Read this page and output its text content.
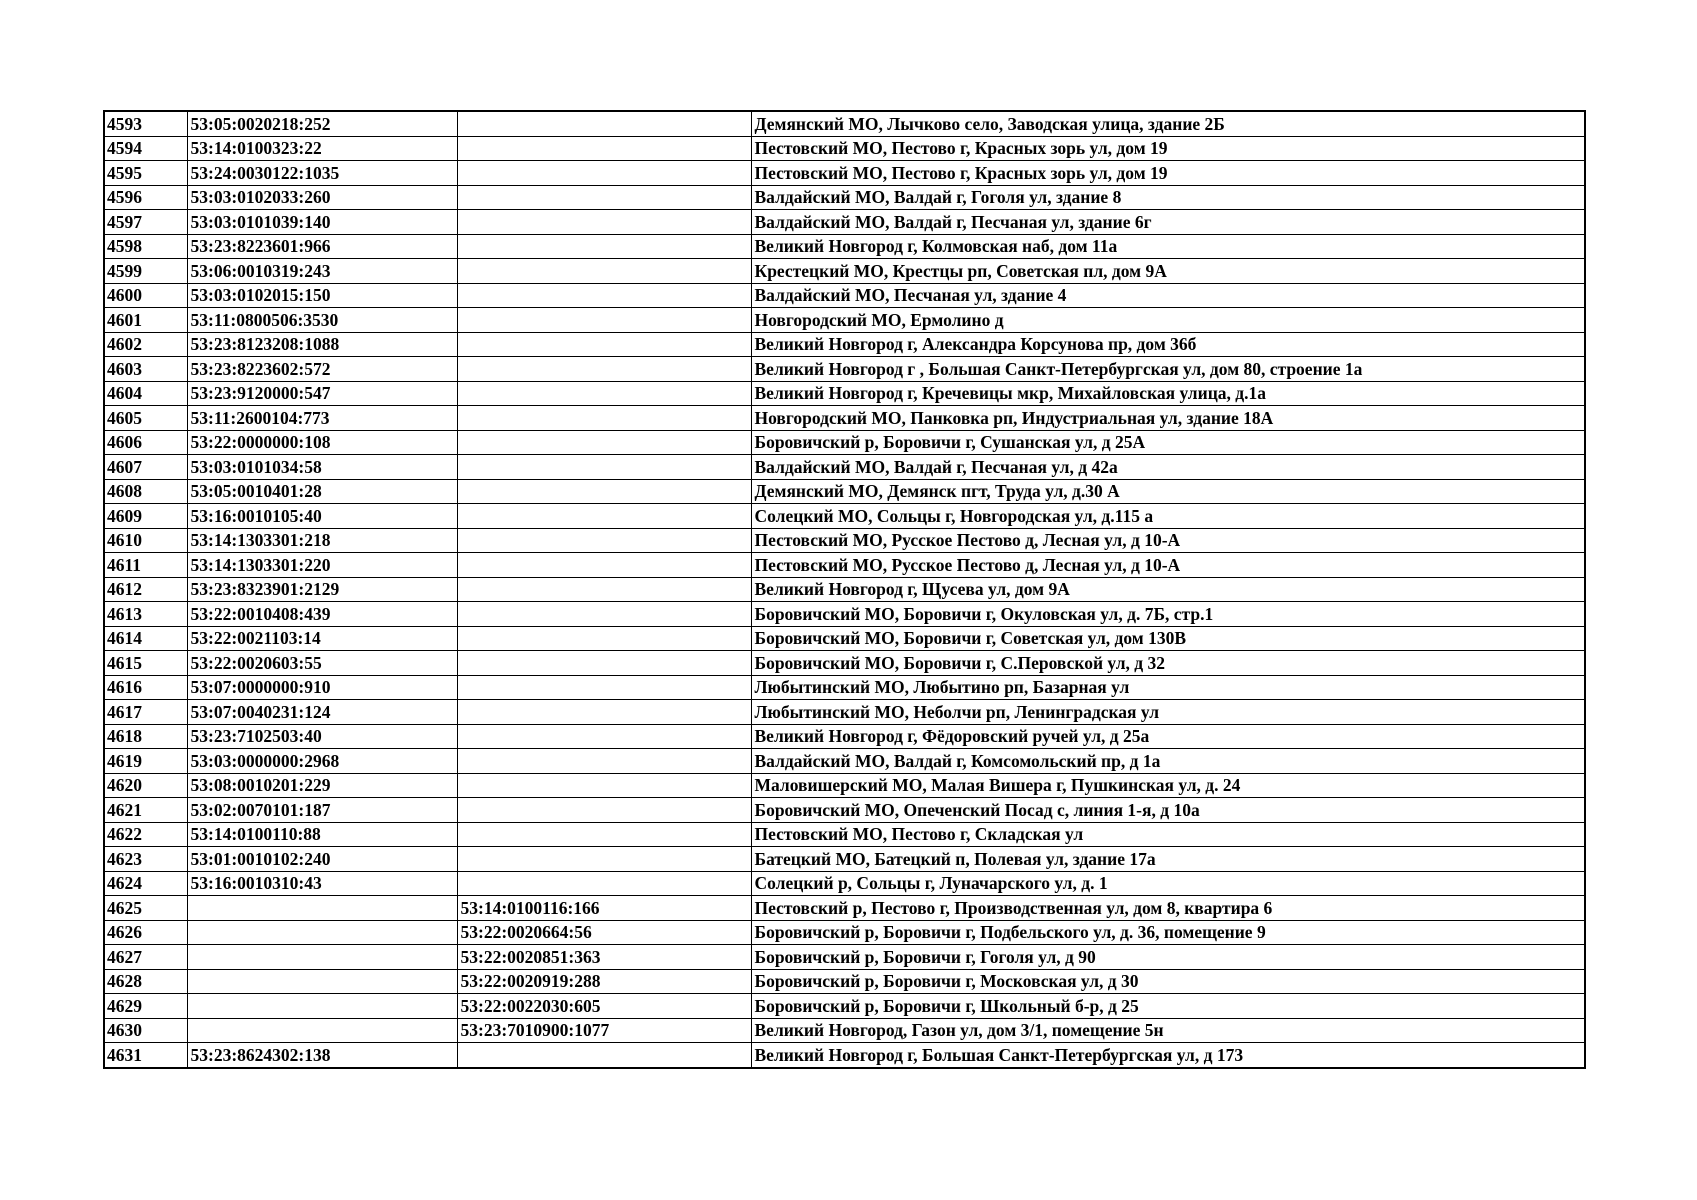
4593	53:05:0020218:252		Демянский МО, Лычково село, Заводская улица, здание 2Б
4594	53:14:0100323:22		Пестовский МО, Пестово г, Красных зорь ул, дом 19
4595	53:24:0030122:1035		Пестовский МО, Пестово г, Красных зорь ул, дом 19
4596	53:03:0102033:260		Валдайский МО, Валдай г, Гоголя ул, здание 8
4597	53:03:0101039:140		Валдайский МО, Валдай г, Песчаная ул, здание 6г
4598	53:23:8223601:966		Великий Новгород г, Колмовская наб, дом 11а
4599	53:06:0010319:243		Крестецкий МО, Крестцы рп, Советская пл, дом 9А
4600	53:03:0102015:150		Валдайский МО, Песчаная ул, здание 4
4601	53:11:0800506:3530		Новгородский МО, Ермолино д
4602	53:23:8123208:1088		Великий Новгород г, Александра Корсунова пр, дом 36б
4603	53:23:8223602:572		Великий Новгород г , Большая Санкт-Петербургская ул, дом 80, строение 1а
4604	53:23:9120000:547		Великий Новгород г, Кречевицы мкр, Михайловская улица, д.1а
4605	53:11:2600104:773		Новгородский МО, Панковка рп, Индустриальная ул, здание 18А
4606	53:22:0000000:108		Боровичский р, Боровичи г, Сушанская ул, д 25А
4607	53:03:0101034:58		Валдайский МО, Валдай г, Песчаная ул, д 42а
4608	53:05:0010401:28		Демянский МО, Демянск пгт, Труда ул, д.30 А
4609	53:16:0010105:40		Солецкий МО, Сольцы г, Новгородская ул, д.115 а
4610	53:14:1303301:218		Пестовский МО, Русское Пестово д, Лесная ул, д 10-А
4611	53:14:1303301:220		Пестовский МО, Русское Пестово д, Лесная ул, д 10-А
4612	53:23:8323901:2129		Великий Новгород г, Щусева ул, дом 9А
4613	53:22:0010408:439		Боровичский МО, Боровичи г, Окуловская ул, д. 7Б, стр.1
4614	53:22:0021103:14		Боровичский МО, Боровичи г, Советская ул, дом 130В
4615	53:22:0020603:55		Боровичский МО, Боровичи г, С.Перовской ул, д 32
4616	53:07:0000000:910		Любытинский МО, Любытино рп, Базарная ул
4617	53:07:0040231:124		Любытинский МО, Неболчи рп, Ленинградская ул
4618	53:23:7102503:40		Великий Новгород г, Фёдоровский ручей ул, д 25а
4619	53:03:0000000:2968		Валдайский МО, Валдай г, Комсомольский пр, д 1а
4620	53:08:0010201:229		Маловишерский МО, Малая Вишера г, Пушкинская ул, д. 24
4621	53:02:0070101:187		Боровичский МО, Опеченский Посад с, линия 1-я, д 10а
4622	53:14:0100110:88		Пестовский МО, Пестово г, Складская ул
4623	53:01:0010102:240		Батецкий МО, Батецкий п, Полевая ул, здание 17а
4624	53:16:0010310:43		Солецкий р, Сольцы г, Луначарского ул, д. 1
4625		53:14:0100116:166	Пестовский р, Пестово г, Производственная ул, дом 8, квартира 6
4626		53:22:0020664:56	Боровичский р, Боровичи г, Подбельского ул, д. 36, помещение 9
4627		53:22:0020851:363	Боровичский р, Боровичи г, Гоголя ул, д 90
4628		53:22:0020919:288	Боровичский р, Боровичи г, Московская ул, д 30
4629		53:22:0022030:605	Боровичский р, Боровичи г, Школьный б-р, д 25
4630		53:23:7010900:1077	Великий Новгород, Газон ул, дом 3/1, помещение 5н
4631	53:23:8624302:138		Великий Новгород г, Большая Санкт-Петербургская ул, д 173
